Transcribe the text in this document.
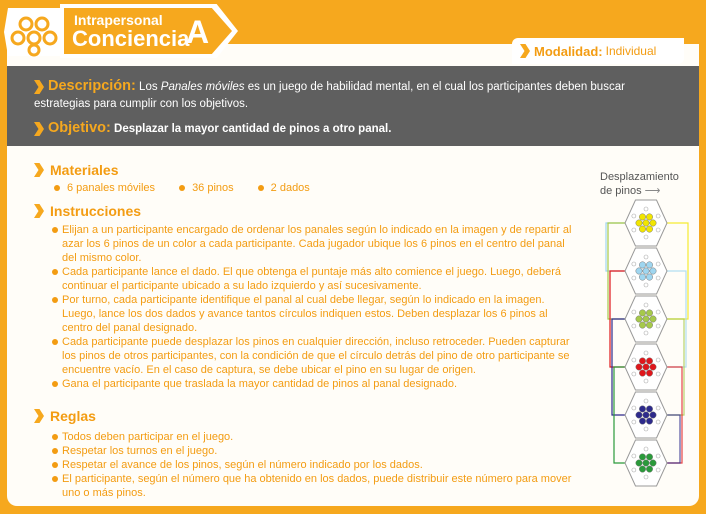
Intrapersonal
Conciencia
A
Modalidad: Individual
Descripción: Los Panales móviles es un juego de habilidad mental, en el cual los participantes deben buscar estrategias para cumplir con los objetivos.
Objetivo: Desplazar la mayor cantidad de pinos a otro panal.
Materiales
6 panales móviles	36 pinos	2 dados
Instrucciones
Elijan a un participante encargado de ordenar los panales según lo indicado en la imagen y de repartir al azar los 6 pinos de un color a cada participante. Cada jugador ubique los 6 pinos en el centro del panal del mismo color.
Cada participante lance el dado. El que obtenga el puntaje más alto comience el juego. Luego, deberá continuar el participante ubicado a su lado izquierdo y así sucesivamente.
Por turno, cada participante identifique el panal al cual debe llegar, según lo indicado en la imagen. Luego, lance los dos dados y avance tantos círculos indiquen estos. Deben desplazar los 6 pinos al centro del panal designado.
Cada participante puede desplazar los pinos en cualquier dirección, incluso retroceder. Pueden capturar los pinos de otros participantes, con la condición de que el círculo detrás del pino de otro participante se encuentre vacío. En el caso de captura, se debe ubicar el pino en su lugar de origen.
Gana el participante que traslada la mayor cantidad de pinos al panal designado.
Reglas
Todos deben participar en el juego.
Respetar los turnos en el juego.
Respetar el avance de los pinos, según el número indicado por los dados.
El participante, según el número que ha obtenido en los dados, puede distribuir este número para mover uno o más pinos.
Desplazamiento
de pinos ⟶
